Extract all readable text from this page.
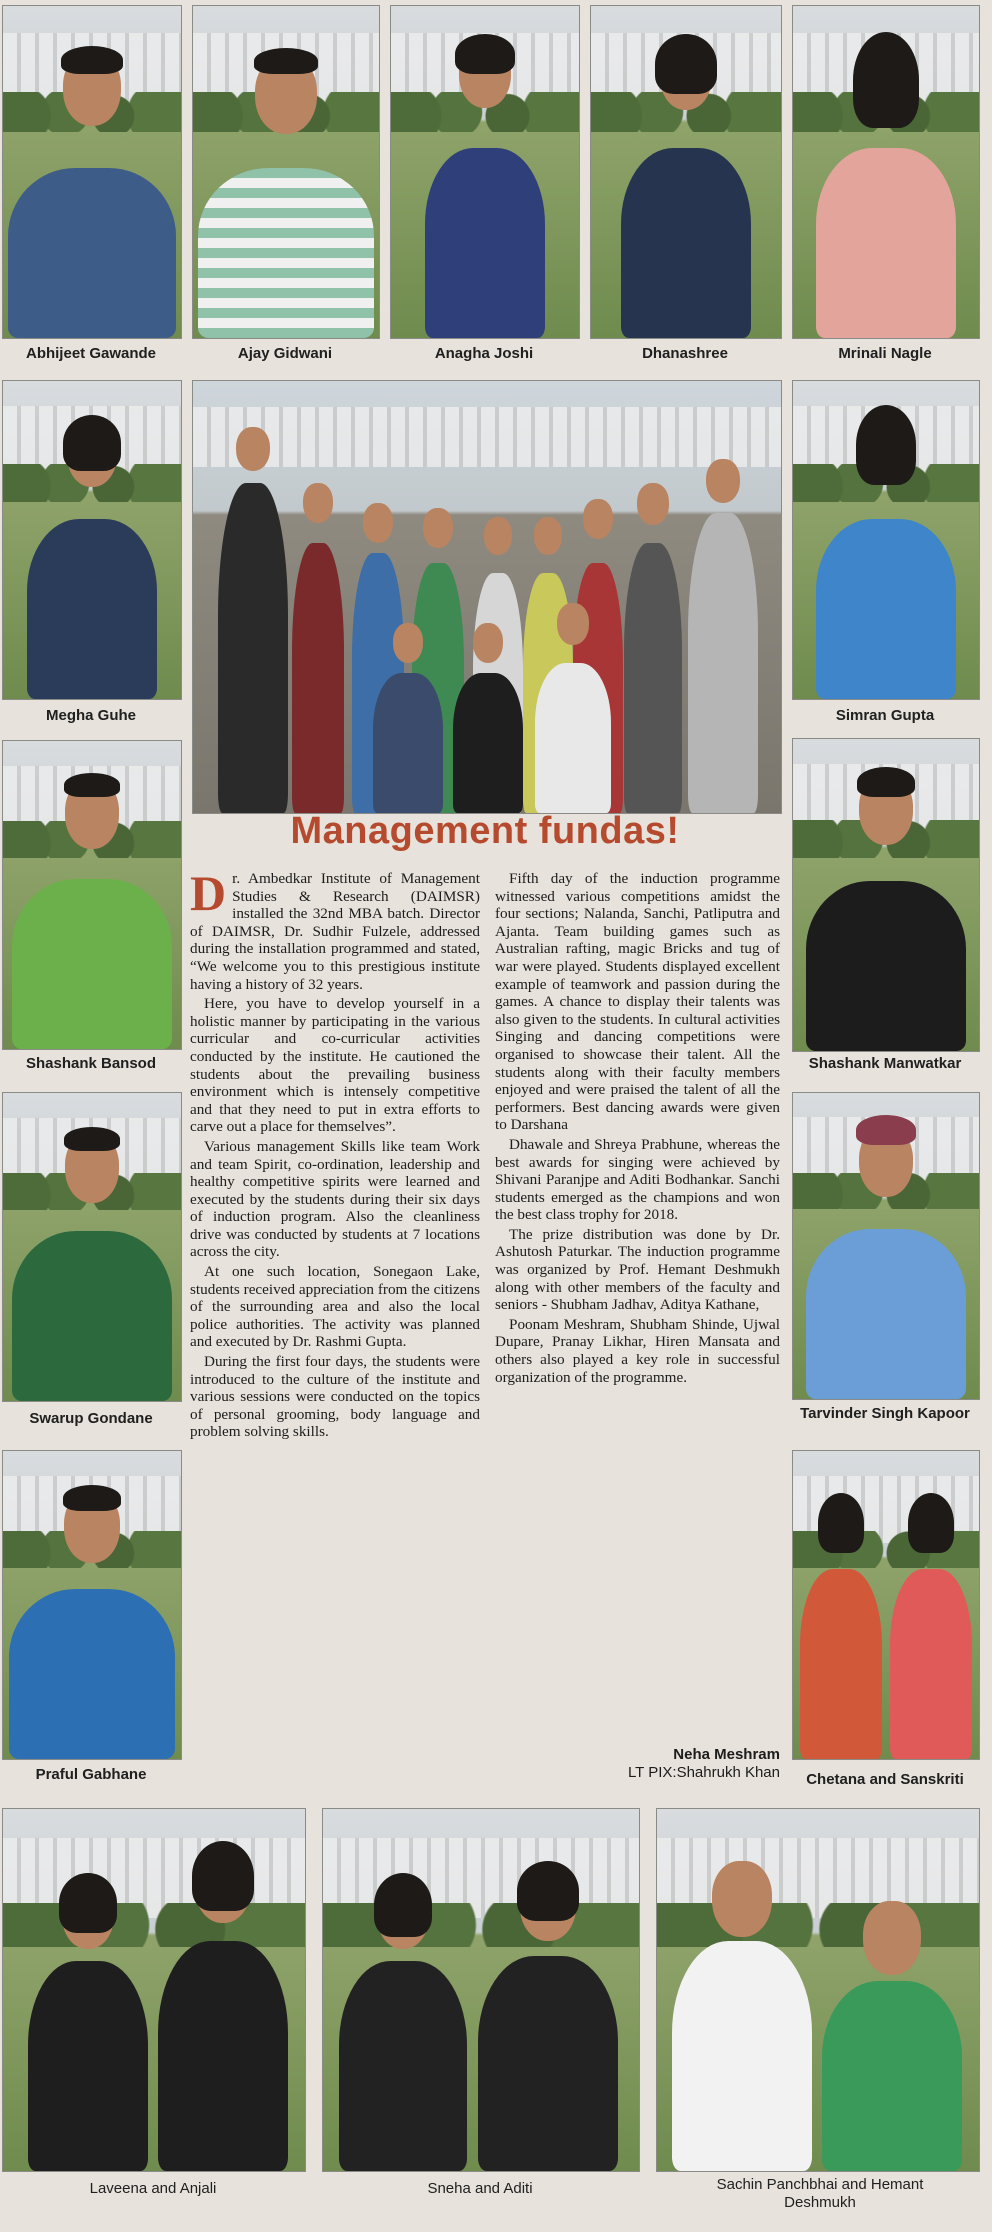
Abhijeet Gawande	Ajay Gidwani	Anagha Joshi	Dhanashree	Mrinali Nagle
Megha Guhe	Simran Gupta
Shashank Bansod
Swarup Gondane
Praful Gabhane
Shashank Manwatkar
Tarvinder Singh Kapoor
Chetana and Sanskriti
Management fundas!

Dr. Ambedkar Institute of Management Studies & Research (DAIMSR) installed the 32nd MBA batch. Director of DAIMSR, Dr. Sudhir Fulzele, addressed during the installation programmed and stated, “We welcome you to this prestigious institute having a history of 32 years.

Here, you have to develop yourself in a holistic manner by participating in the various curricular and co-curricular activities conducted by the institute. He cautioned the students about the prevailing business environment which is intensely competitive and that they need to put in extra efforts to carve out a place for themselves”.

Various management Skills like team Work and team Spirit, co-ordination, leadership and healthy competitive spirits were learned and executed by the students during their six days of induction program. Also the cleanliness drive was conducted by students at 7 locations across the city.

At one such location, Sonegaon Lake, students received appreciation from the citizens of the surrounding area and also the local police authorities. The activity was planned and executed by Dr. Rashmi Gupta.

During the first four days, the students were introduced to the culture of the institute and various sessions were conducted on the topics of personal grooming, body language and problem solving skills.

Fifth day of the induction programme witnessed various competitions amidst the four sections; Nalanda, Sanchi, Patliputra and Ajanta. Team building games such as Australian rafting, magic Bricks and tug of war were played. Students displayed excellent example of teamwork and passion during the games. A chance to display their talents was also given to the students. In cultural activities Singing and dancing competitions were organised to showcase their talent. All the students along with their faculty members enjoyed and were praised the talent of all the performers. Best dancing awards were given to Darshana

Dhawale and Shreya Prabhune, whereas the best awards for singing were achieved by Shivani Paranjpe and Aditi Bodhankar. Sanchi students emerged as the champions and won the best class trophy for 2018.

The prize distribution was done by Dr. Ashutosh Paturkar. The induction programme was organized by Prof. Hemant Deshmukh along with other members of the faculty and seniors - Shubham Jadhav, Aditya Kathane,

Poonam Meshram, Shubham Shinde, Ujwal Dupare, Pranay Likhar, Hiren Mansata and others also played a key role in successful organization of the programme.

Neha Meshram
LT PIX:Shahrukh Khan
Laveena and Anjali	Sneha and Aditi	Sachin Panchbhai and Hemant Deshmukh
